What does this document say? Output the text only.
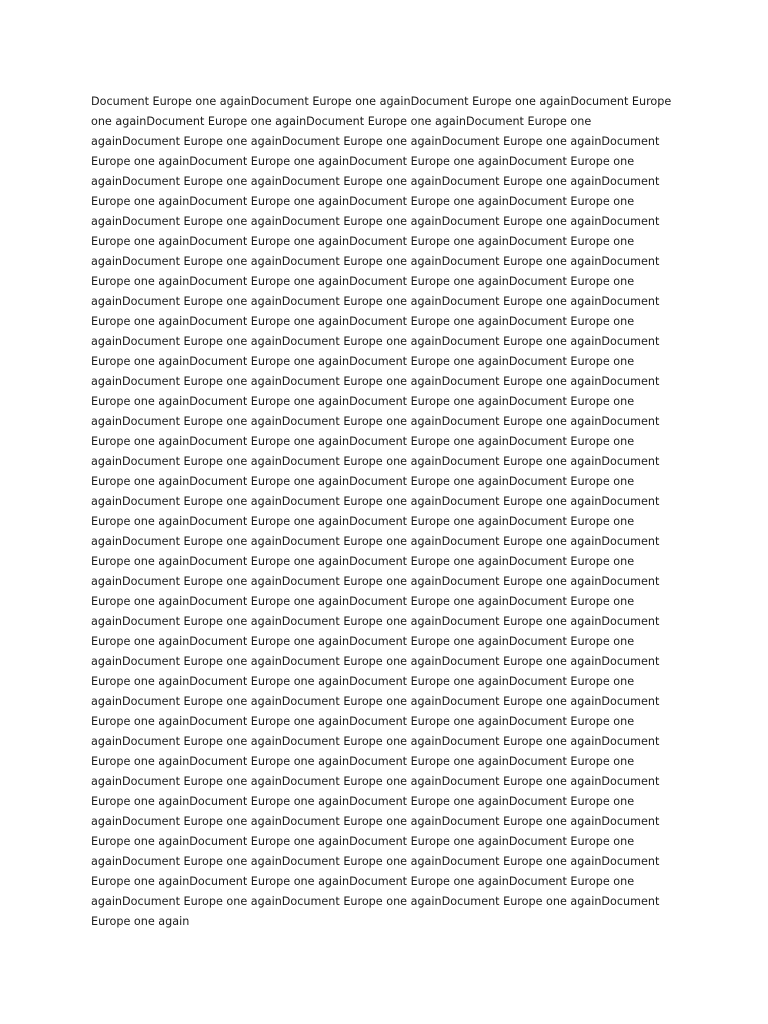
Document Europe one againDocument Europe one againDocument Europe one againDocument Europe
one againDocument Europe one againDocument Europe one againDocument Europe one
againDocument Europe one againDocument Europe one againDocument Europe one againDocument
Europe one againDocument Europe one againDocument Europe one againDocument Europe one
againDocument Europe one againDocument Europe one againDocument Europe one againDocument
Europe one againDocument Europe one againDocument Europe one againDocument Europe one
againDocument Europe one againDocument Europe one againDocument Europe one againDocument
Europe one againDocument Europe one againDocument Europe one againDocument Europe one
againDocument Europe one againDocument Europe one againDocument Europe one againDocument
Europe one againDocument Europe one againDocument Europe one againDocument Europe one
againDocument Europe one againDocument Europe one againDocument Europe one againDocument
Europe one againDocument Europe one againDocument Europe one againDocument Europe one
againDocument Europe one againDocument Europe one againDocument Europe one againDocument
Europe one againDocument Europe one againDocument Europe one againDocument Europe one
againDocument Europe one againDocument Europe one againDocument Europe one againDocument
Europe one againDocument Europe one againDocument Europe one againDocument Europe one
againDocument Europe one againDocument Europe one againDocument Europe one againDocument
Europe one againDocument Europe one againDocument Europe one againDocument Europe one
againDocument Europe one againDocument Europe one againDocument Europe one againDocument
Europe one againDocument Europe one againDocument Europe one againDocument Europe one
againDocument Europe one againDocument Europe one againDocument Europe one againDocument
Europe one againDocument Europe one againDocument Europe one againDocument Europe one
againDocument Europe one againDocument Europe one againDocument Europe one againDocument
Europe one againDocument Europe one againDocument Europe one againDocument Europe one
againDocument Europe one againDocument Europe one againDocument Europe one againDocument
Europe one againDocument Europe one againDocument Europe one againDocument Europe one
againDocument Europe one againDocument Europe one againDocument Europe one againDocument
Europe one againDocument Europe one againDocument Europe one againDocument Europe one
againDocument Europe one againDocument Europe one againDocument Europe one againDocument
Europe one againDocument Europe one againDocument Europe one againDocument Europe one
againDocument Europe one againDocument Europe one againDocument Europe one againDocument
Europe one againDocument Europe one againDocument Europe one againDocument Europe one
againDocument Europe one againDocument Europe one againDocument Europe one againDocument
Europe one againDocument Europe one againDocument Europe one againDocument Europe one
againDocument Europe one againDocument Europe one againDocument Europe one againDocument
Europe one againDocument Europe one againDocument Europe one againDocument Europe one
againDocument Europe one againDocument Europe one againDocument Europe one againDocument
Europe one againDocument Europe one againDocument Europe one againDocument Europe one
againDocument Europe one againDocument Europe one againDocument Europe one againDocument
Europe one againDocument Europe one againDocument Europe one againDocument Europe one
againDocument Europe one againDocument Europe one againDocument Europe one againDocument
Europe one again
